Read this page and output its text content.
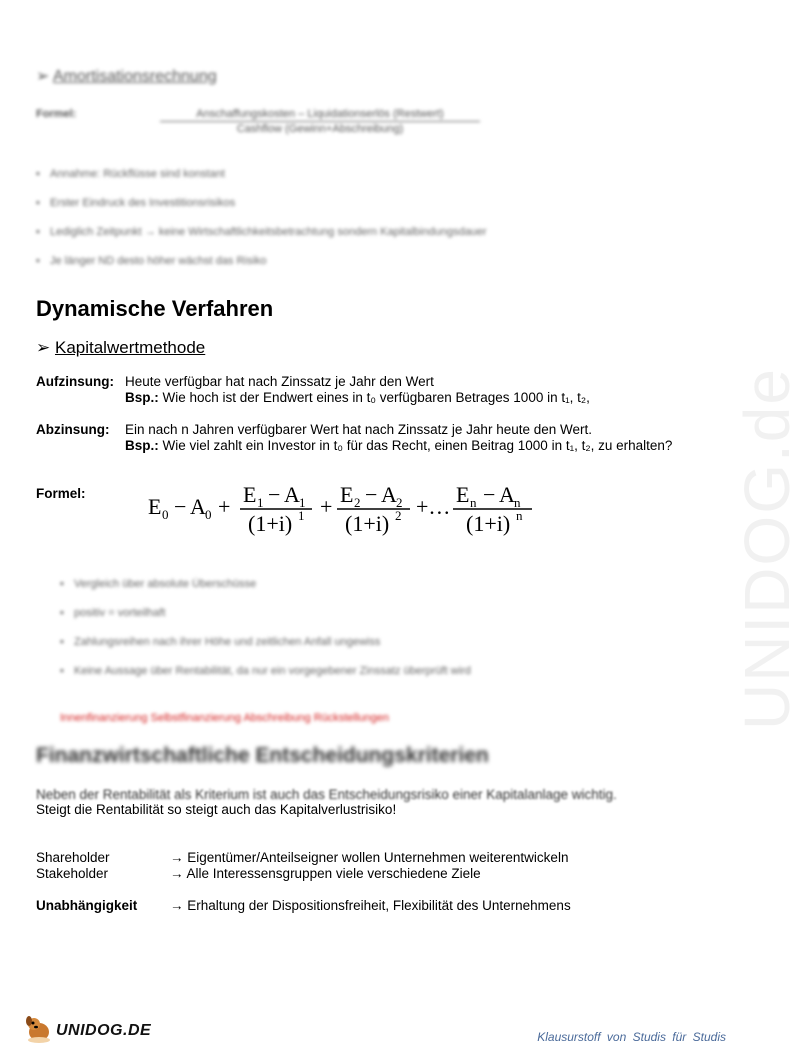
UNIDOG.de
➢ Amortisationsrechnung
Formel:	Anschaffungskosten – Liquidationserlös (Restwert)
Cashflow (Gewinn+Abschreibung)
▪ Annahme: Rückflüsse sind konstant
▪ Erster Eindruck des Investitionsrisikos
▪ Lediglich Zeitpunkt → keine Wirtschaftlichkeitsbetrachtung sondern Kapitalbindungsdauer
▪ Je länger ND desto höher wächst das Risiko
Dynamische Verfahren
➢ Kapitalwertmethode
Aufzinsung: Heute verfügbar hat nach Zinssatz je Jahr den Wert
Bsp.: Wie hoch ist der Endwert eines in t₀ verfügbaren Betrages 1000 in t₁, t₂,
Abzinsung: Ein nach n Jahren verfügbarer Wert hat nach Zinssatz je Jahr heute den Wert.
Bsp.: Wie viel zahlt ein Investor in t₀ für das Recht, einen Beitrag 1000 in t₁, t₂, zu erhalten?
Formel:
E 0 − A 0 + E 1 − A 1
(1+i) 1 + E 2 − A 2
(1+i) 2 +… E n − A n
(1+i) n
▪ Vergleich über absolute Überschüsse
▪ positiv = vorteilhaft
▪ Zahlungsreihen nach ihrer Höhe und zeitlichen Anfall ungewiss
▪ Keine Aussage über Rentabilität, da nur ein vorgegebener Zinssatz überprüft wird
Innenfinanzierung Selbstfinanzierung Abschreibung Rückstellungen
Finanzwirtschaftliche Entscheidungskriterien
Neben der Rentabilität als Kriterium ist auch das Entscheidungsrisiko einer Kapitalanlage wichtig.
Steigt die Rentabilität so steigt auch das Kapitalverlustrisiko!
Shareholder	→ Eigentümer/Anteilseigner wollen Unternehmen weiterentwickeln
Stakeholder	→ Alle Interessensgruppen viele verschiedene Ziele
Unabhängigkeit → Erhaltung der Dispositionsfreiheit, Flexibilität des Unternehmens
UNIDOG.DE	Klausurstoff von Studis für Studis
